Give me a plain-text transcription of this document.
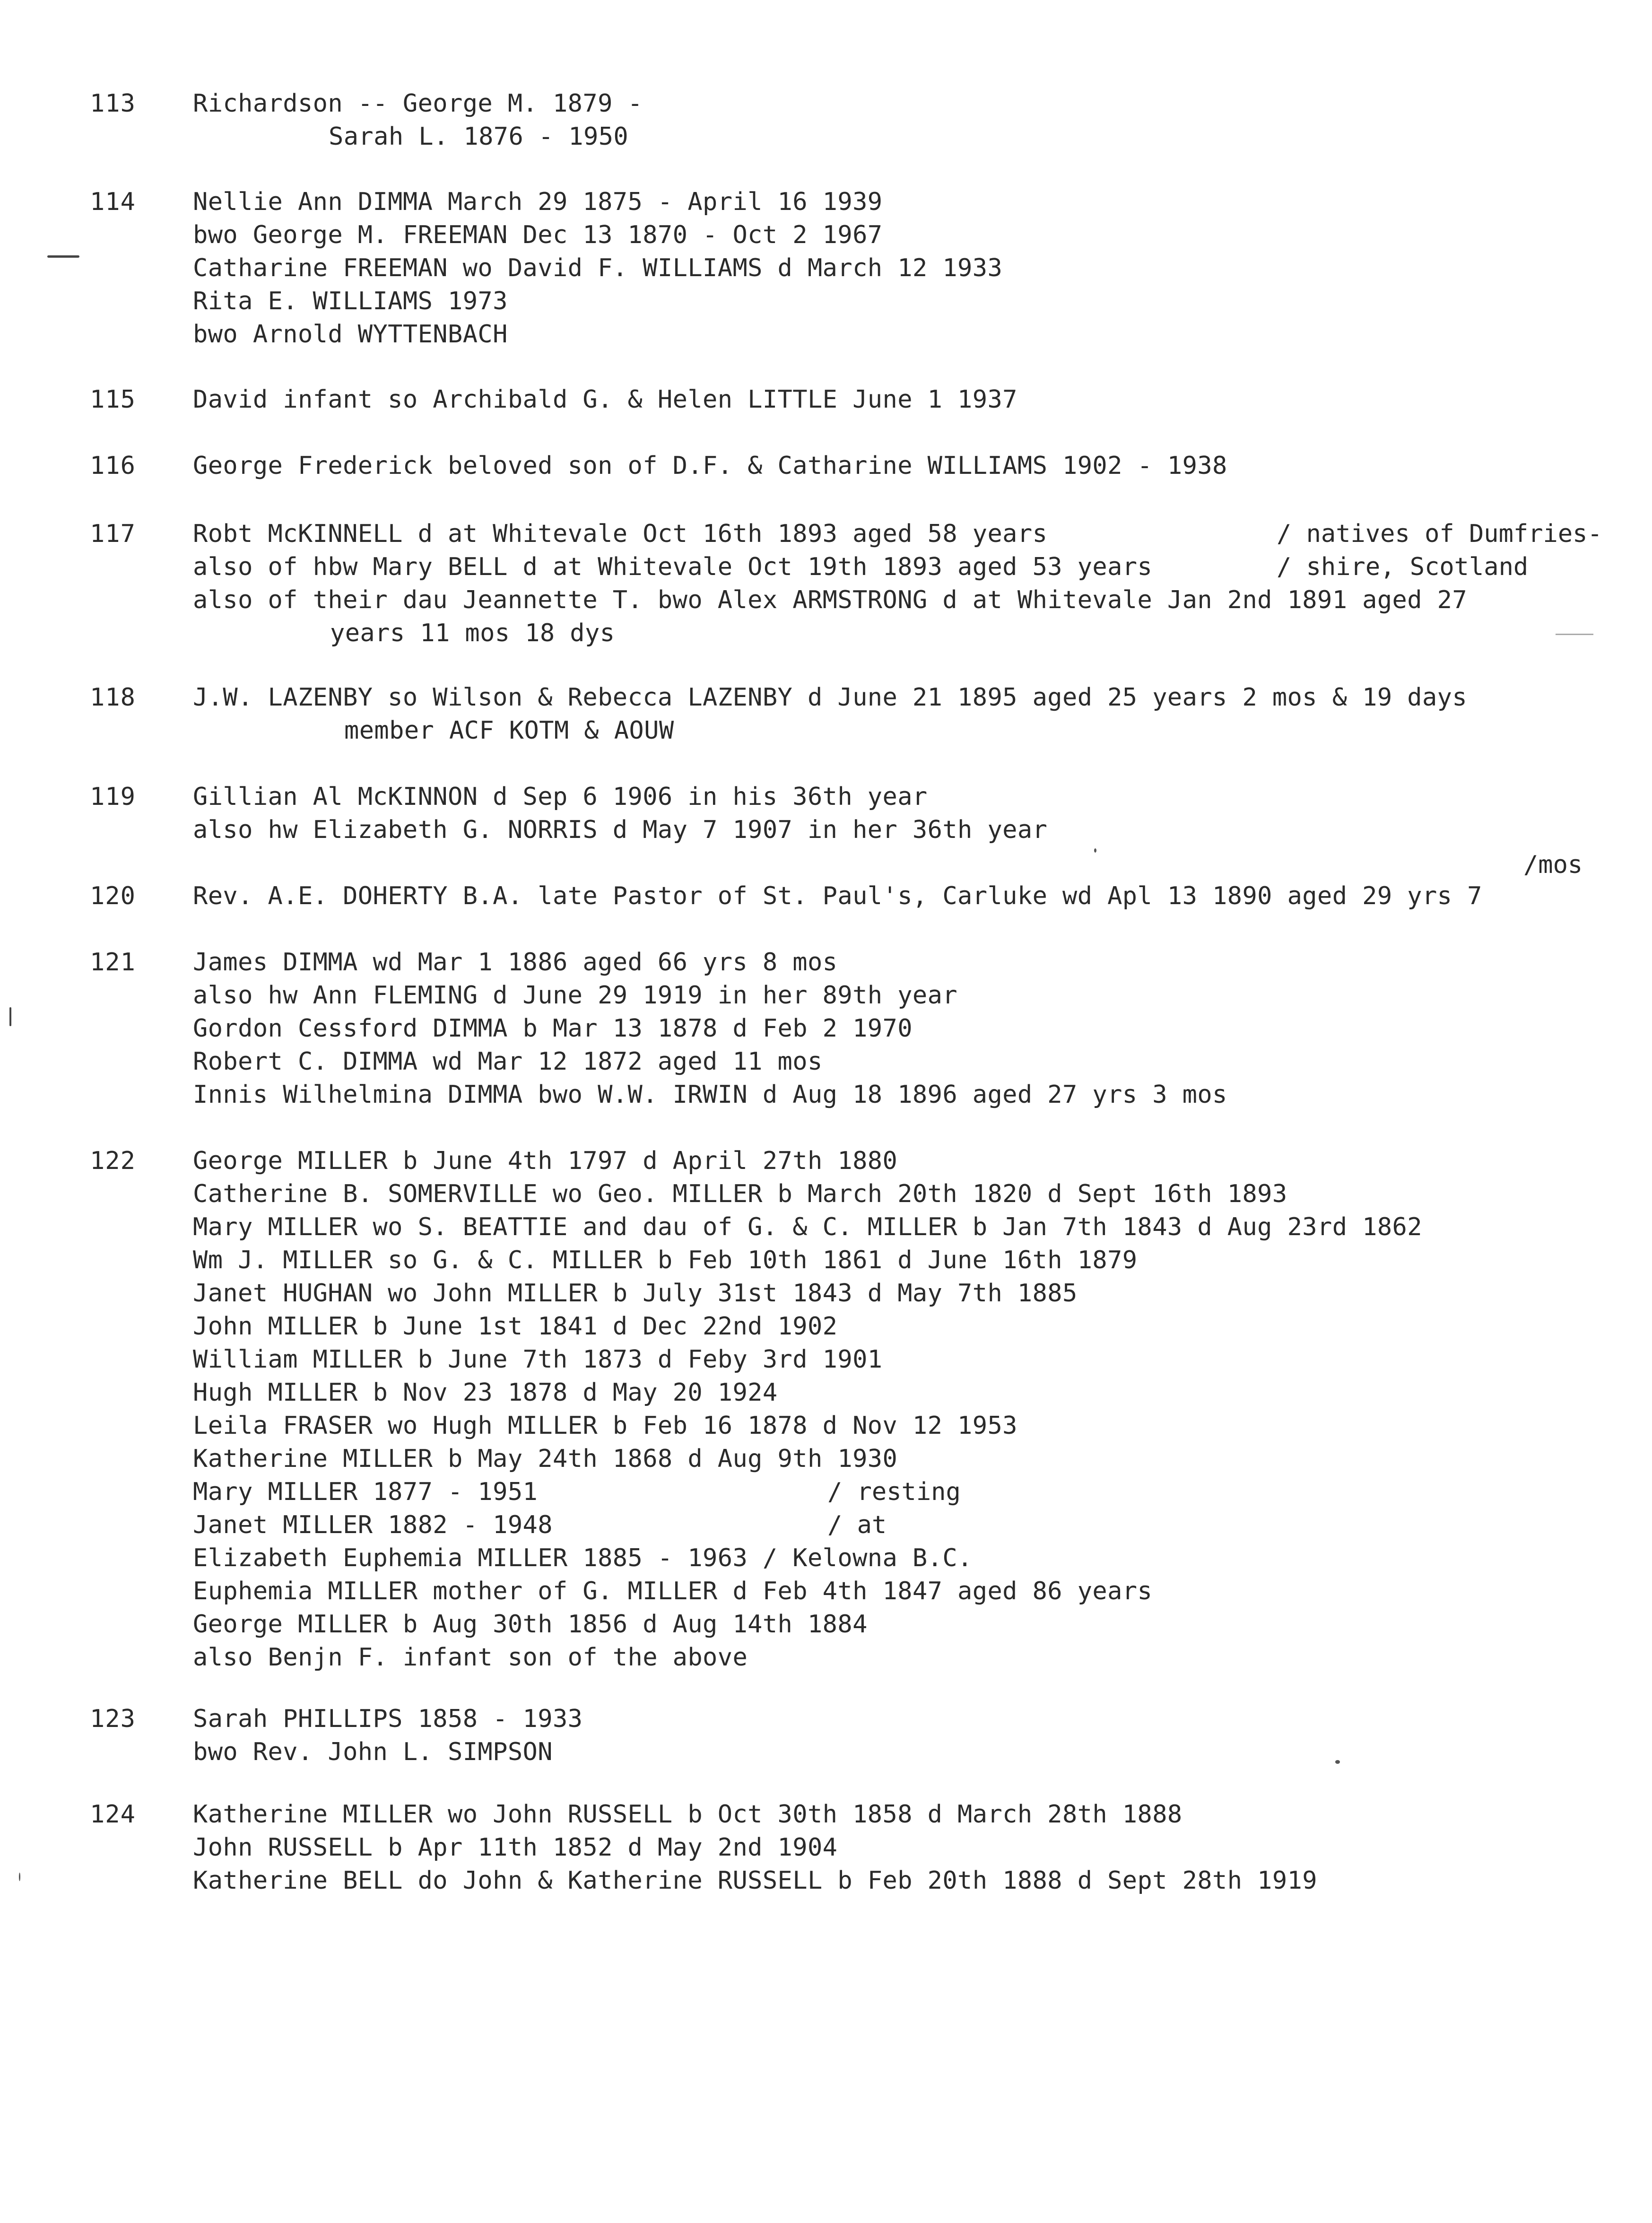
113 Richardson -- George M. 1879 -
Sarah L. 1876 - 1950
114 Nellie Ann DIMMA March 29 1875 - April 16 1939
bwo George M. FREEMAN Dec 13 1870 - Oct 2 1967
Catharine FREEMAN wo David F. WILLIAMS d March 12 1933
Rita E. WILLIAMS 1973
bwo Arnold WYTTENBACH
115 David infant so Archibald G. & Helen LITTLE June 1 1937
116 George Frederick beloved son of D.F. & Catharine WILLIAMS 1902 - 1938
117 Robt McKINNELL d at Whitevale Oct 16th 1893 aged 58 years
also of hbw Mary BELL d at Whitevale Oct 19th 1893 aged 53 years
also of their dau Jeannette T. bwo Alex ARMSTRONG d at Whitevale Jan 2nd 1891 aged 27
years 11 mos 18 dys
/ natives of Dumfries-
/ shire, Scotland
118 J.W. LAZENBY so Wilson & Rebecca LAZENBY d June 21 1895 aged 25 years 2 mos & 19 days
member ACF KOTM & AOUW
119 Gillian Al McKINNON d Sep 6 1906 in his 36th year
also hw Elizabeth G. NORRIS d May 7 1907 in her 36th year
120 Rev. A.E. DOHERTY B.A. late Pastor of St. Paul's, Carluke wd Apl 13 1890 aged 29 yrs 7
/mos
121 James DIMMA wd Mar 1 1886 aged 66 yrs 8 mos
also hw Ann FLEMING d June 29 1919 in her 89th year
Gordon Cessford DIMMA b Mar 13 1878 d Feb 2 1970
Robert C. DIMMA wd Mar 12 1872 aged 11 mos
Innis Wilhelmina DIMMA bwo W.W. IRWIN d Aug 18 1896 aged 27 yrs 3 mos
122 George MILLER b June 4th 1797 d April 27th 1880
Catherine B. SOMERVILLE wo Geo. MILLER b March 20th 1820 d Sept 16th 1893
Mary MILLER wo S. BEATTIE and dau of G. & C. MILLER b Jan 7th 1843 d Aug 23rd 1862
Wm J. MILLER so G. & C. MILLER b Feb 10th 1861 d June 16th 1879
Janet HUGHAN wo John MILLER b July 31st 1843 d May 7th 1885
John MILLER b June 1st 1841 d Dec 22nd 1902
William MILLER b June 7th 1873 d Feby 3rd 1901
Hugh MILLER b Nov 23 1878 d May 20 1924
Leila FRASER wo Hugh MILLER b Feb 16 1878 d Nov 12 1953
Katherine MILLER b May 24th 1868 d Aug 9th 1930
Mary MILLER 1877 - 1951
Janet MILLER 1882 - 1948
Elizabeth Euphemia MILLER 1885 - 1963 / Kelowna B.C.
Euphemia MILLER mother of G. MILLER d Feb 4th 1847 aged 86 years
George MILLER b Aug 30th 1856 d Aug 14th 1884
also Benjn F. infant son of the above
/ resting
/ at
123 Sarah PHILLIPS 1858 - 1933
bwo Rev. John L. SIMPSON
124 Katherine MILLER wo John RUSSELL b Oct 30th 1858 d March 28th 1888
John RUSSELL b Apr 11th 1852 d May 2nd 1904
Katherine BELL do John & Katherine RUSSELL b Feb 20th 1888 d Sept 28th 1919
